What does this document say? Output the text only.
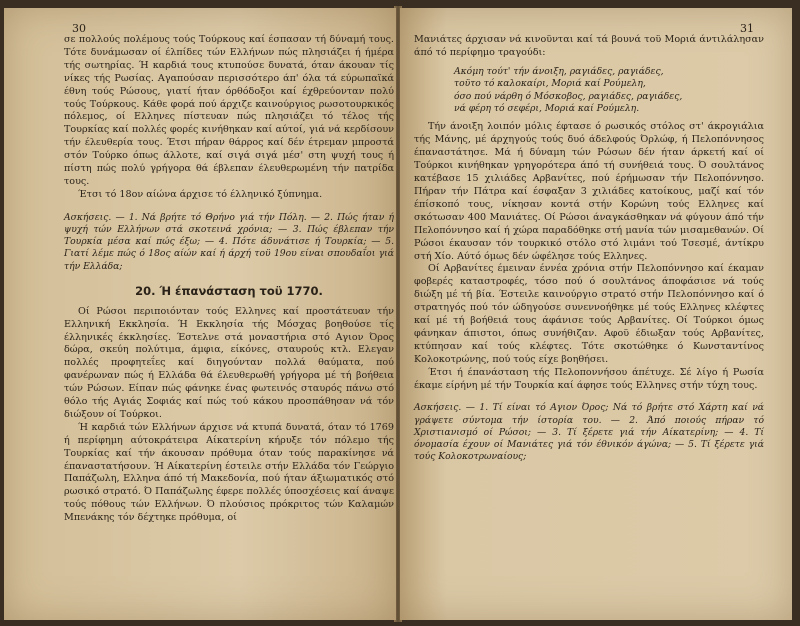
30

σε πολλούς πολέμους τούς Τούρκους καί έσπασαν τή δύναμή τους. Τότε δυνάμωσαν οί έλπίδες τών Ελλήνων πώς πλησιάζει ή ήμέρα τής σωτηρίας. Ή καρδιά τους κτυπούσε δυνατά, όταν άκουαν τίς νίκες τής Ρωσίας. Αγαπούσαν περισσότερο άπ' όλα τά εύρωπαϊκά έθνη τούς Ρώσους, γιατί ήταν όρθόδοξοι καί έχθρεύονταν πολύ τούς Τούρκους. Κάθε φορά πού άρχιζε καινούργιος ρωσοτουρκικός πόλεμος, οί Ελληνες πίστευαν πώς πλησιάζει τό τέλος τής Τουρκίας καί πολλές φορές κινήθηκαν καί αύτοί, γιά νά κερδίσουν τήν έλευθερία τους. Έτσι πήραν θάρρος καί δέν έτρεμαν μπροστά στόν Τούρκο όπως άλλοτε, καί σιγά σιγά μέσ' στη ψυχή τους ή πίστη πώς πολύ γρήγορα θά έβλεπαν έλευθερωμένη τήν πατρίδα τους.

Έτσι τό 18ον αίώνα άρχισε τό έλληνικό ξύπνημα.

Ασκήσεις. — 1. Νά βρήτε τό Θρήνο γιά τήν Πόλη. — 2. Πώς ήταν ή ψυχή τών Ελλήνων στά σκοτεινά χρόνια; — 3. Πώς έβλεπαν τήν Τουρκία μέσα καί πώς έξω; — 4. Πότε άδυνάτισε ή Τουρκία; — 5. Γιατί λέμε πώς ό 18ος αίών καί ή άρχή τοϋ 19ου είναι σπουδαΐοι γιά τήν Ελλάδα;
20. Ή έπανάσταση τοϋ 1770.

Οί Ρώσοι περιποιόνταν τούς Ελληνες καί προστάτευαν τήν Ελληνική Εκκλησία. Ή Εκκλησία τής Μόσχας βοηθούσε τίς έλληνικές έκκλησίες. Έστελνε στά μοναστήρια στό Αγιον Όρος δώρα, σκεύη πολύτιμα, άμφια, είκόνες, σταυρούς κτλ. Ελεγαν πολλές προφητεΐες καί διηγούνταν πολλά θαύματα, πού φανέρωναν πώς ή Ελλάδα θά έλευθερωθή γρήγορα μέ τή βοήθεια τών Ρώσων. Είπαν πώς φάνηκε ένας φωτεινός σταυρός πάνω στό θόλο τής Αγιάς Σοφιάς καί πώς τού κάκου προσπάθησαν νά τόν διώξουν οί Τούρκοι.

Ή καρδιά τών Ελλήνων άρχισε νά κτυπά δυνατά, όταν τό 1769 ή περίφημη αύτοκράτειρα Αίκατερίνη κήρυξε τόν πόλεμο τής Τουρκίας καί τήν άκουσαν πρόθυμα όταν τούς παρακίνησε νά έπαναστατήσουν. Ή Αίκατερίνη έστειλε στήν Ελλάδα τόν Γεώργιο Παπάζωλη, Ελληνα άπό τή Μακεδονία, πού ήταν άξιωματικός στό ρωσικό στρατό. Ό Παπάζωλης έφερε πολλές ύποσχέσεις καί άναψε τούς πόθους τών Ελλήνων. Ό πλούσιος πρόκριτος τών Καλαμών Μπενάκης τόν δέχτηκε πρόθυμα, οί

31

Μανιάτες άρχισαν νά κινοϋνται καί τά βουνά τοϋ Μοριά άντιλάλησαν άπό τό περίφημο τραγούδι:

Ακόμη τούτ' τήν άνοιξη, ραγιάδες, ραγιάδες,
τοϋτο τό καλοκαίρι, Μοριά καί Ρούμελη,
όσο πού νάρθη ό Μόσκοβος, ραγιάδες, ραγιάδες,
νά φέρη τό σεφέρι, Μοριά καί Ρούμελη.

Τήν άνοιξη λοιπόν μόλις έφτασε ό ρωσικός στόλος στ' άκρογιάλια τής Μάνης, μέ άρχηγούς τούς δυό άδελφούς Όρλώφ, ή Πελοπόννησος έπαναστάτησε. Μά ή δύναμη τών Ρώσων δέν ήταν άρκετή καί οί Τούρκοι κινήθηκαν γρηγορότερα άπό τή συνήθειά τους. Ό σουλτάνος κατέβασε 15 χιλιάδες Αρβανίτες, πού έρήμωσαν τήν Πελοπόννησο. Πήραν τήν Πάτρα καί έσφαξαν 3 χιλιάδες κατοίκους, μαζί καί τόν έπίσκοπό τους, νίκησαν κοντά στήν Κορώνη τούς Ελληνες καί σκότωσαν 400 Μανιάτες. Οί Ρώσοι άναγκάσθηκαν νά φύγουν άπό τήν Πελοπόννησο καί ή χώρα παραδόθηκε στή μανία τών μισαμεθανών. Οί Ρώσοι έκαυσαν τόν τουρκικό στόλο στό λιμάνι τού Τσεσμέ, άντίκρυ στή Χίο. Αύτό όμως δέν ώφέλησε τούς Ελληνες.

Οί Αρβανίτες έμειναν έννέα χρόνια στήν Πελοπόννησο καί έκαμαν φοβερές καταστροφές, τόσο πού ό σουλτάνος άποφάσισε νά τούς διώξη μέ τή βία. Έστειλε καινούργιο στρατό στήν Πελοπόννησο καί ό στρατηγός πού τόν ώδηγούσε συνεννοήθηκε μέ τούς Ελληνες κλέφτες καί μέ τή βοήθειά τους άφάνισε τούς Αρβανίτες. Οί Τούρκοι όμως φάνηκαν άπιστοι, όπως συνήθιζαν. Αφοϋ έδιωξαν τούς Αρβανίτες, κτύπησαν καί τούς κλέφτες. Τότε σκοτώθηκε ό Κωνσταντίνος Κολοκοτρώνης, πού τούς είχε βοηθήσει.

Έτσι ή έπανάσταση τής Πελοποννήσου άπέτυχε. Σέ λίγο ή Ρωσία έκαμε είρήνη μέ τήν Τουρκία καί άφησε τούς Ελληνες στήν τύχη τους.

Ασκήσεις. — 1. Τί είναι τό Αγιον Όρος; Νά τό βρήτε στό Χάρτη καί νά γράψετε σύντομα τήν ίστορία του. — 2. Άπό ποιούς πήραν τό Χριστιανισμό οί Ρώσοι; — 3. Τί ξέρετε γιά τήν Αίκατερίνη; — 4. Τί όνομασία έχουν οί Μανιάτες γιά τόν έθνικόν άγώνα; — 5. Τί ξέρετε γιά τούς Κολοκοτρωναίους;
